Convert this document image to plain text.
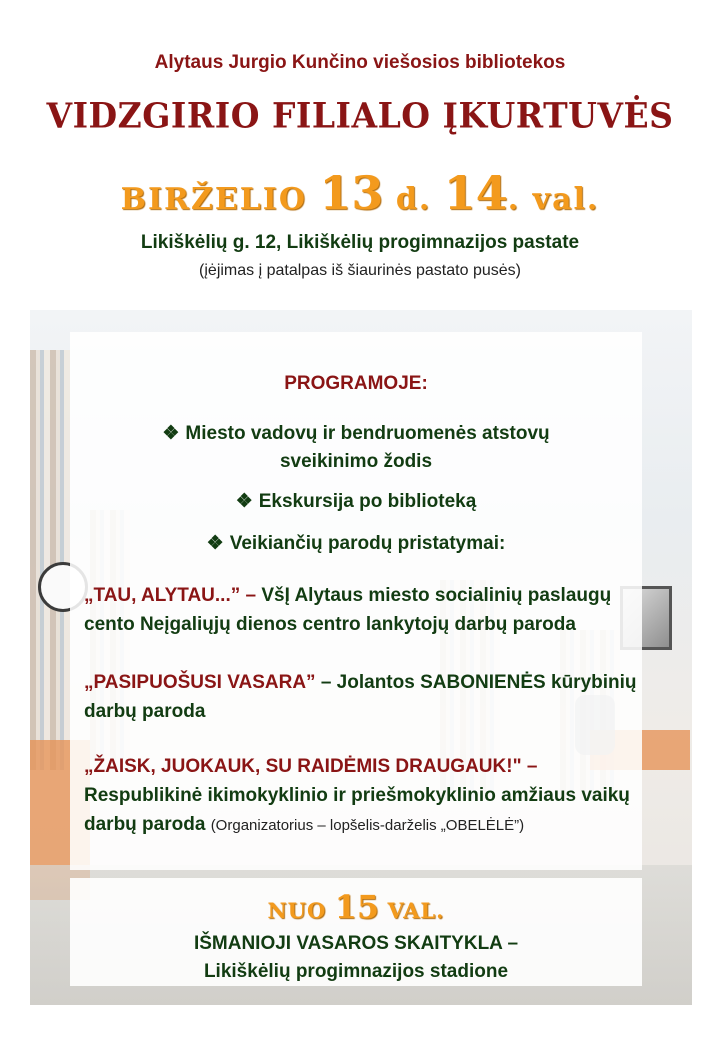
Alytaus Jurgio Kunčino viešosios bibliotekos
VIDZGIRIO FILIALO ĮKURTUVĖS
BIRŽELIO 13 d. 14. val.
Likiškėlių g. 12, Likiškėlių progimnazijos pastate
(įėjimas į patalpas iš šiaurinės pastato pusės)
PROGRAMOJE:
❖ Miesto vadovų ir bendruomenės atstovų
sveikinimo žodis
❖ Ekskursija po biblioteką
❖ Veikiančių parodų pristatymai:
„TAU, ALYTAU...” – VšĮ Alytaus miesto socialinių paslaugų cento Neįgaliųjų dienos centro lankytojų darbų paroda
„PASIPUOŠUSI VASARA” – Jolantos SABONIENĖS kūrybinių darbų paroda
„ŽAISK, JUOKAUK, SU RAIDĖMIS DRAUGAUK!" – Respublikinė ikimokyklinio ir priešmokyklinio amžiaus vaikų darbų paroda (Organizatorius – lopšelis-darželis „OBELĖLĖ”)
NUO 15 VAL.
IŠMANIOJI VASAROS SKAITYKLA –
Likiškėlių progimnazijos stadione
